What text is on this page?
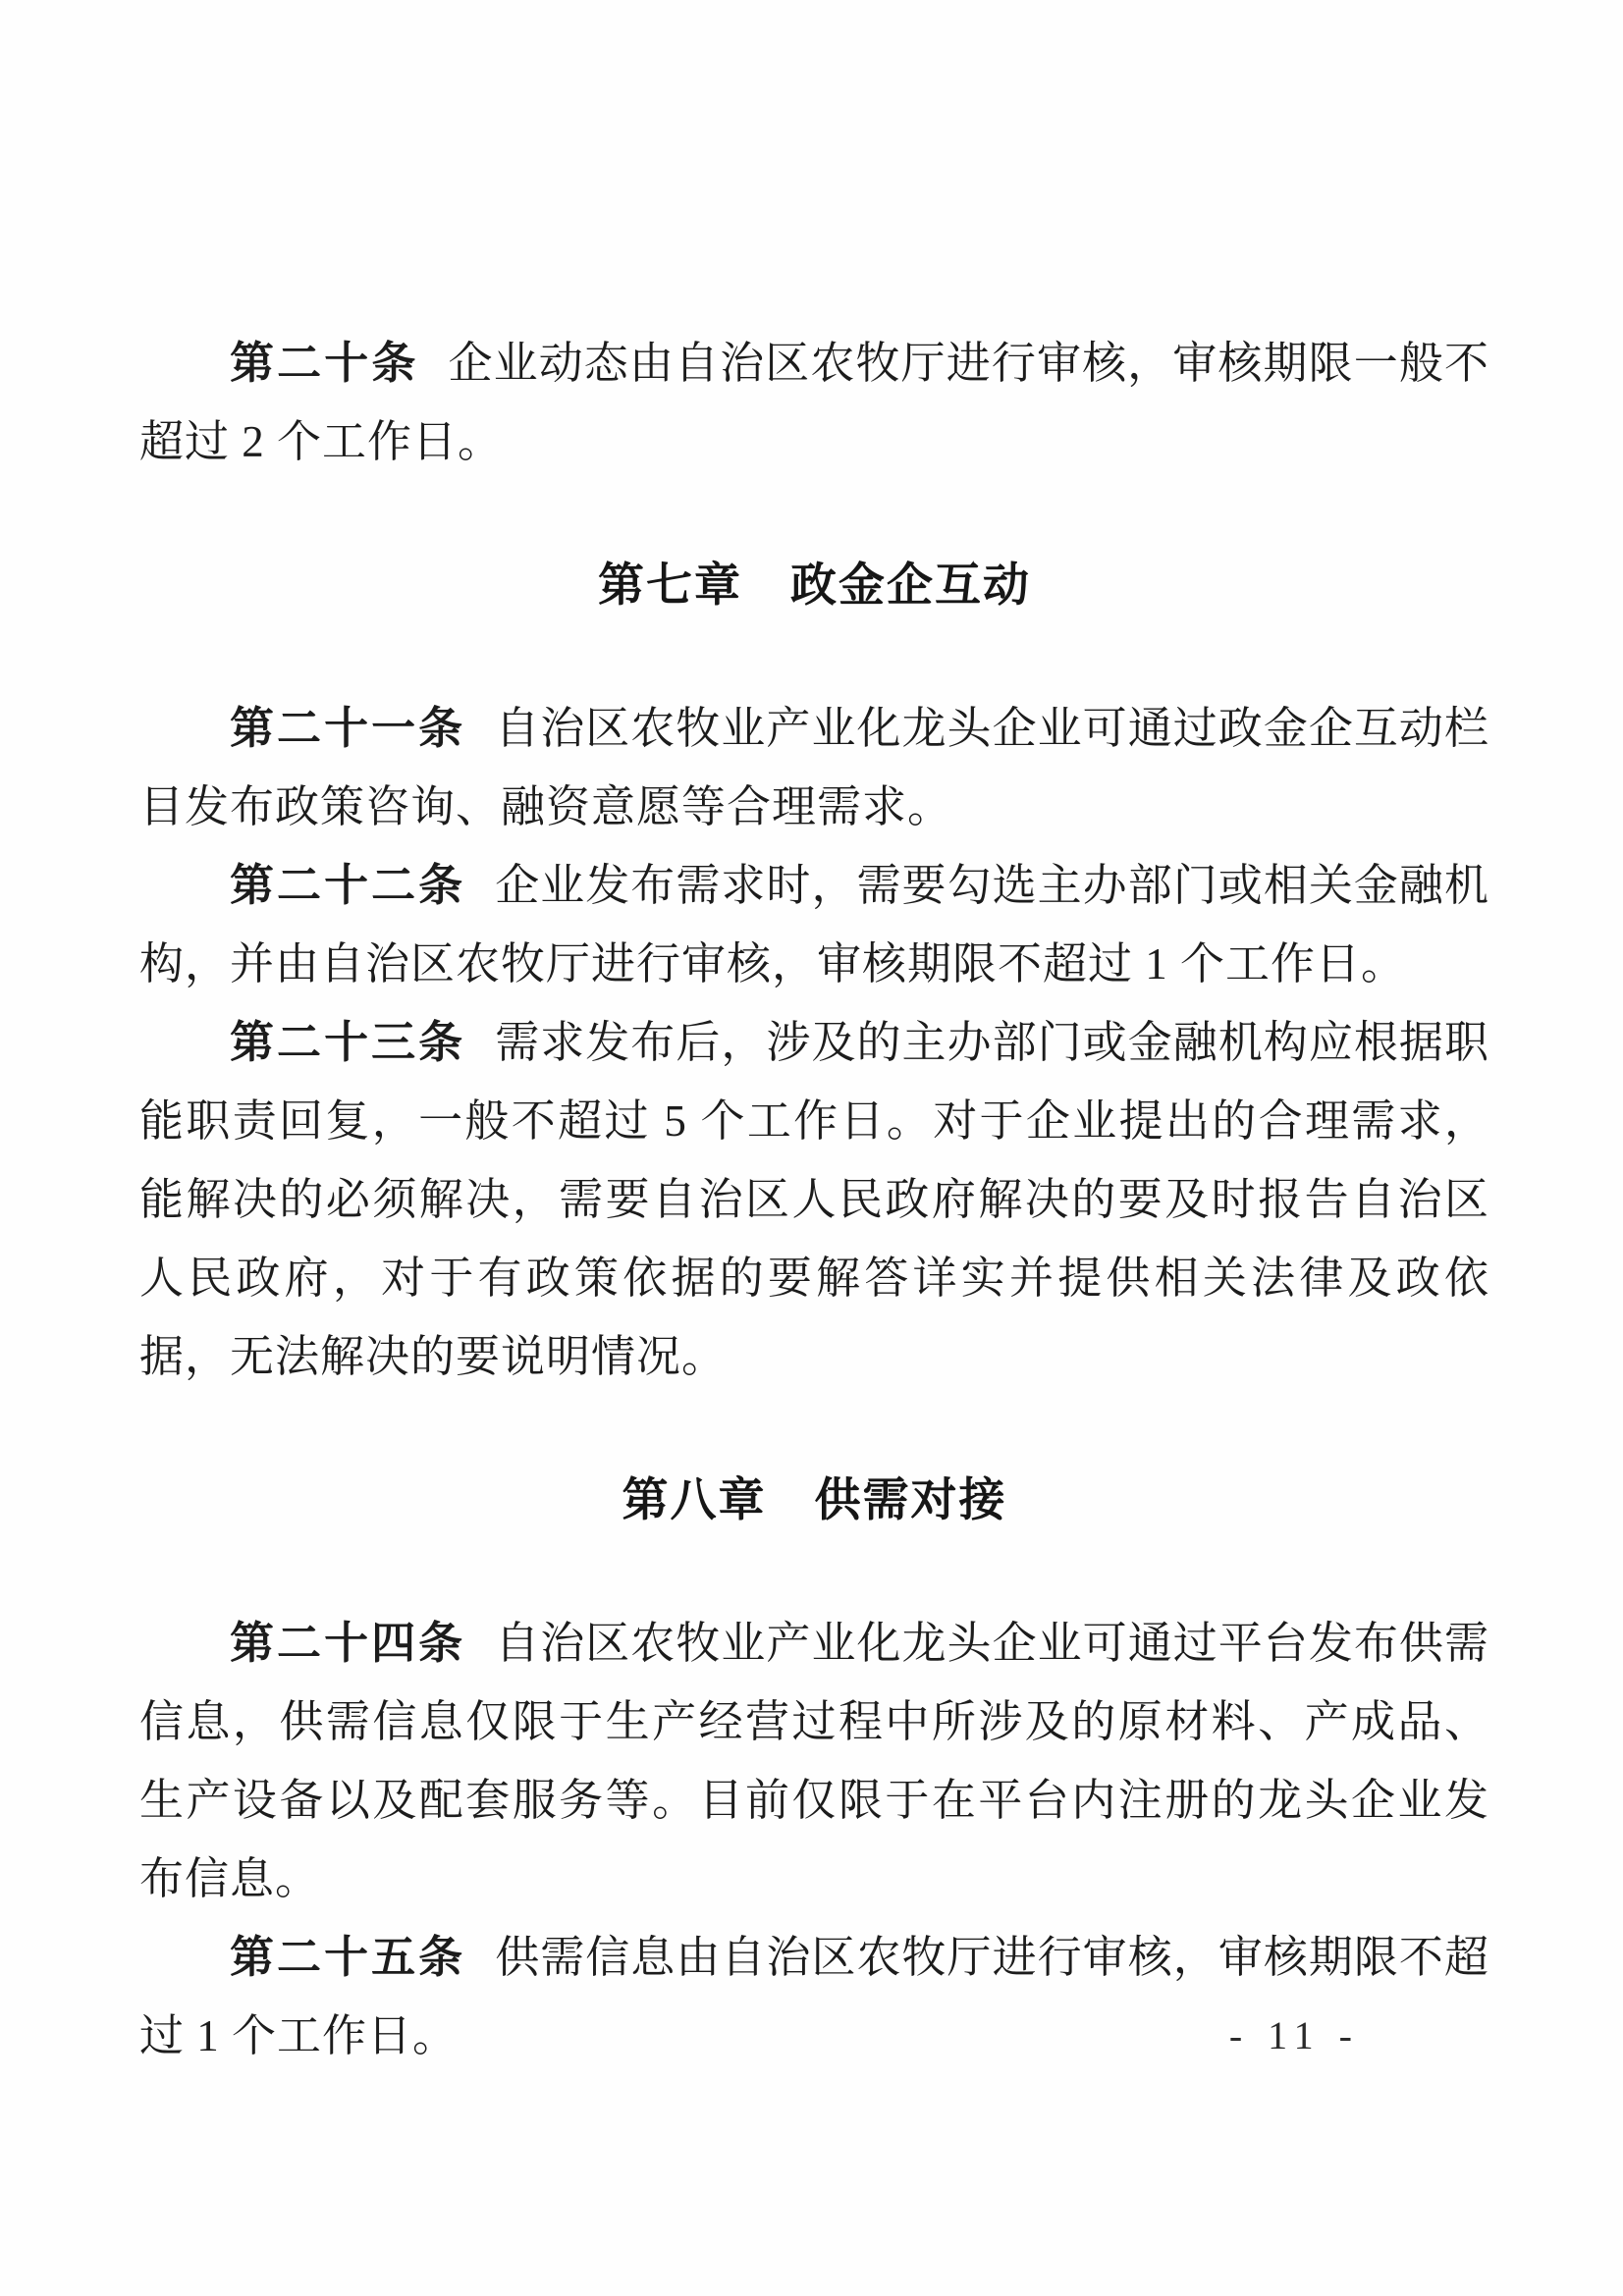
第二十条 企业动态由自治区农牧厅进行审核，审核期限一般不超过 2 个工作日。

第七章　政金企互动

第二十一条 自治区农牧业产业化龙头企业可通过政金企互动栏目发布政策咨询、融资意愿等合理需求。

第二十二条 企业发布需求时，需要勾选主办部门或相关金融机构，并由自治区农牧厅进行审核，审核期限不超过 1 个工作日。

第二十三条 需求发布后，涉及的主办部门或金融机构应根据职能职责回复，一般不超过 5 个工作日。对于企业提出的合理需求，能解决的必须解决，需要自治区人民政府解决的要及时报告自治区人民政府，对于有政策依据的要解答详实并提供相关法律及政依据，无法解决的要说明情况。

第八章　供需对接

第二十四条 自治区农牧业产业化龙头企业可通过平台发布供需信息，供需信息仅限于生产经营过程中所涉及的原材料、产成品、生产设备以及配套服务等。目前仅限于在平台内注册的龙头企业发布信息。

第二十五条 供需信息由自治区农牧厅进行审核，审核期限不超过 1 个工作日。	- 11 -
